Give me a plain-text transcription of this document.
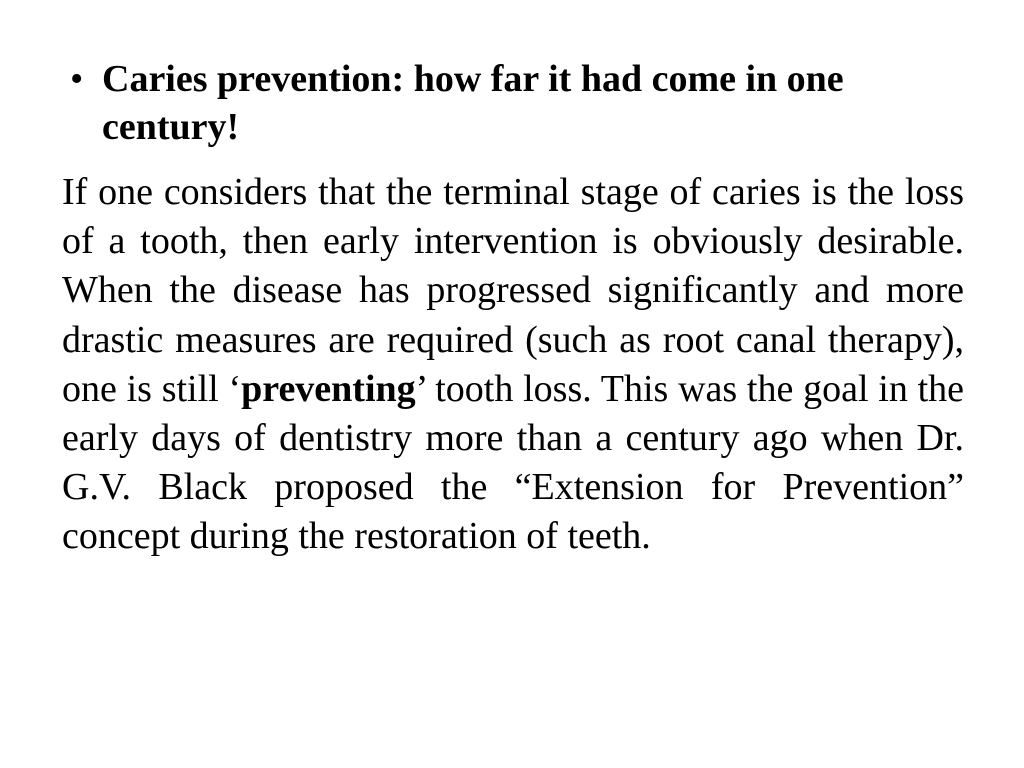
• Caries prevention: how far it had come in one century!

If one considers that the terminal stage of caries is the loss of a tooth, then early intervention is obviously desirable. When the disease has progressed significantly and more drastic measures are required (such as root canal therapy), one is still ‘preventing’ tooth loss. This was the goal in the early days of dentistry more than a century ago when Dr. G.V. Black proposed the “Extension for Prevention” concept during the restoration of teeth.
